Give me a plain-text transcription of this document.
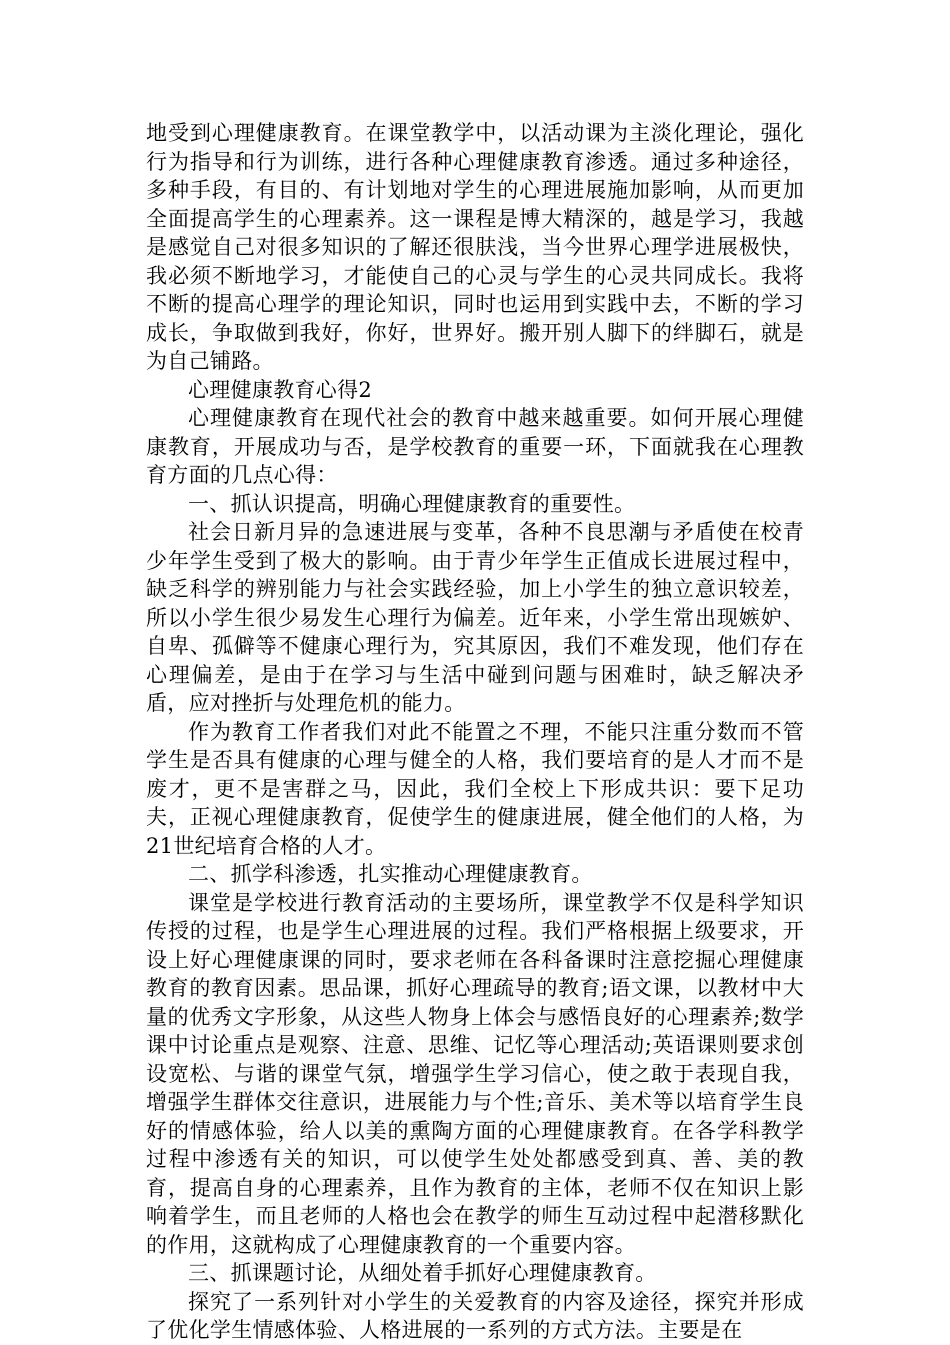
地受到心理健康教育。在课堂教学中，以活动课为主淡化理论，强化行为指导和行为训练，进行各种心理健康教育渗透。通过多种途径，多种手段，有目的、有计划地对学生的心理进展施加影响，从而更加全面提高学生的心理素养。这一课程是博大精深的，越是学习，我越是感觉自己对很多知识的了解还很肤浅，当今世界心理学进展极快，我必须不断地学习，才能使自己的心灵与学生的心灵共同成长。我将不断的提高心理学的理论知识，同时也运用到实践中去，不断的学习成长，争取做到我好，你好，世界好。搬开别人脚下的绊脚石，就是为自己铺路。

心理健康教育心得2

心理健康教育在现代社会的教育中越来越重要。如何开展心理健康教育，开展成功与否，是学校教育的重要一环，下面就我在心理教育方面的几点心得：

一、抓认识提高，明确心理健康教育的重要性。

社会日新月异的急速进展与变革，各种不良思潮与矛盾使在校青少年学生受到了极大的影响。由于青少年学生正值成长进展过程中，缺乏科学的辨别能力与社会实践经验，加上小学生的独立意识较差，所以小学生很少易发生心理行为偏差。近年来，小学生常出现嫉妒、自卑、孤僻等不健康心理行为，究其原因，我们不难发现，他们存在心理偏差，是由于在学习与生活中碰到问题与困难时，缺乏解决矛盾，应对挫折与处理危机的能力。

作为教育工作者我们对此不能置之不理，不能只注重分数而不管学生是否具有健康的心理与健全的人格，我们要培育的是人才而不是废才，更不是害群之马，因此，我们全校上下形成共识：要下足功夫，正视心理健康教育，促使学生的健康进展，健全他们的人格，为21世纪培育合格的人才。

二、抓学科渗透，扎实推动心理健康教育。

课堂是学校进行教育活动的主要场所，课堂教学不仅是科学知识传授的过程，也是学生心理进展的过程。我们严格根据上级要求，开设上好心理健康课的同时，要求老师在各科备课时注意挖掘心理健康教育的教育因素。思品课，抓好心理疏导的教育;语文课，以教材中大量的优秀文字形象，从这些人物身上体会与感悟良好的心理素养;数学课中讨论重点是观察、注意、思维、记忆等心理活动;英语课则要求创设宽松、与谐的课堂气氛，增强学生学习信心，使之敢于表现自我，增强学生群体交往意识，进展能力与个性;音乐、美术等以培育学生良好的情感体验，给人以美的熏陶方面的心理健康教育。在各学科教学过程中渗透有关的知识，可以使学生处处都感受到真、善、美的教育，提高自身的心理素养，且作为教育的主体，老师不仅在知识上影响着学生，而且老师的人格也会在教学的师生互动过程中起潜移默化的作用，这就构成了心理健康教育的一个重要内容。

三、抓课题讨论，从细处着手抓好心理健康教育。

探究了一系列针对小学生的关爱教育的内容及途径，探究并形成了优化学生情感体验、人格进展的一系列的方式方法。主要是在
